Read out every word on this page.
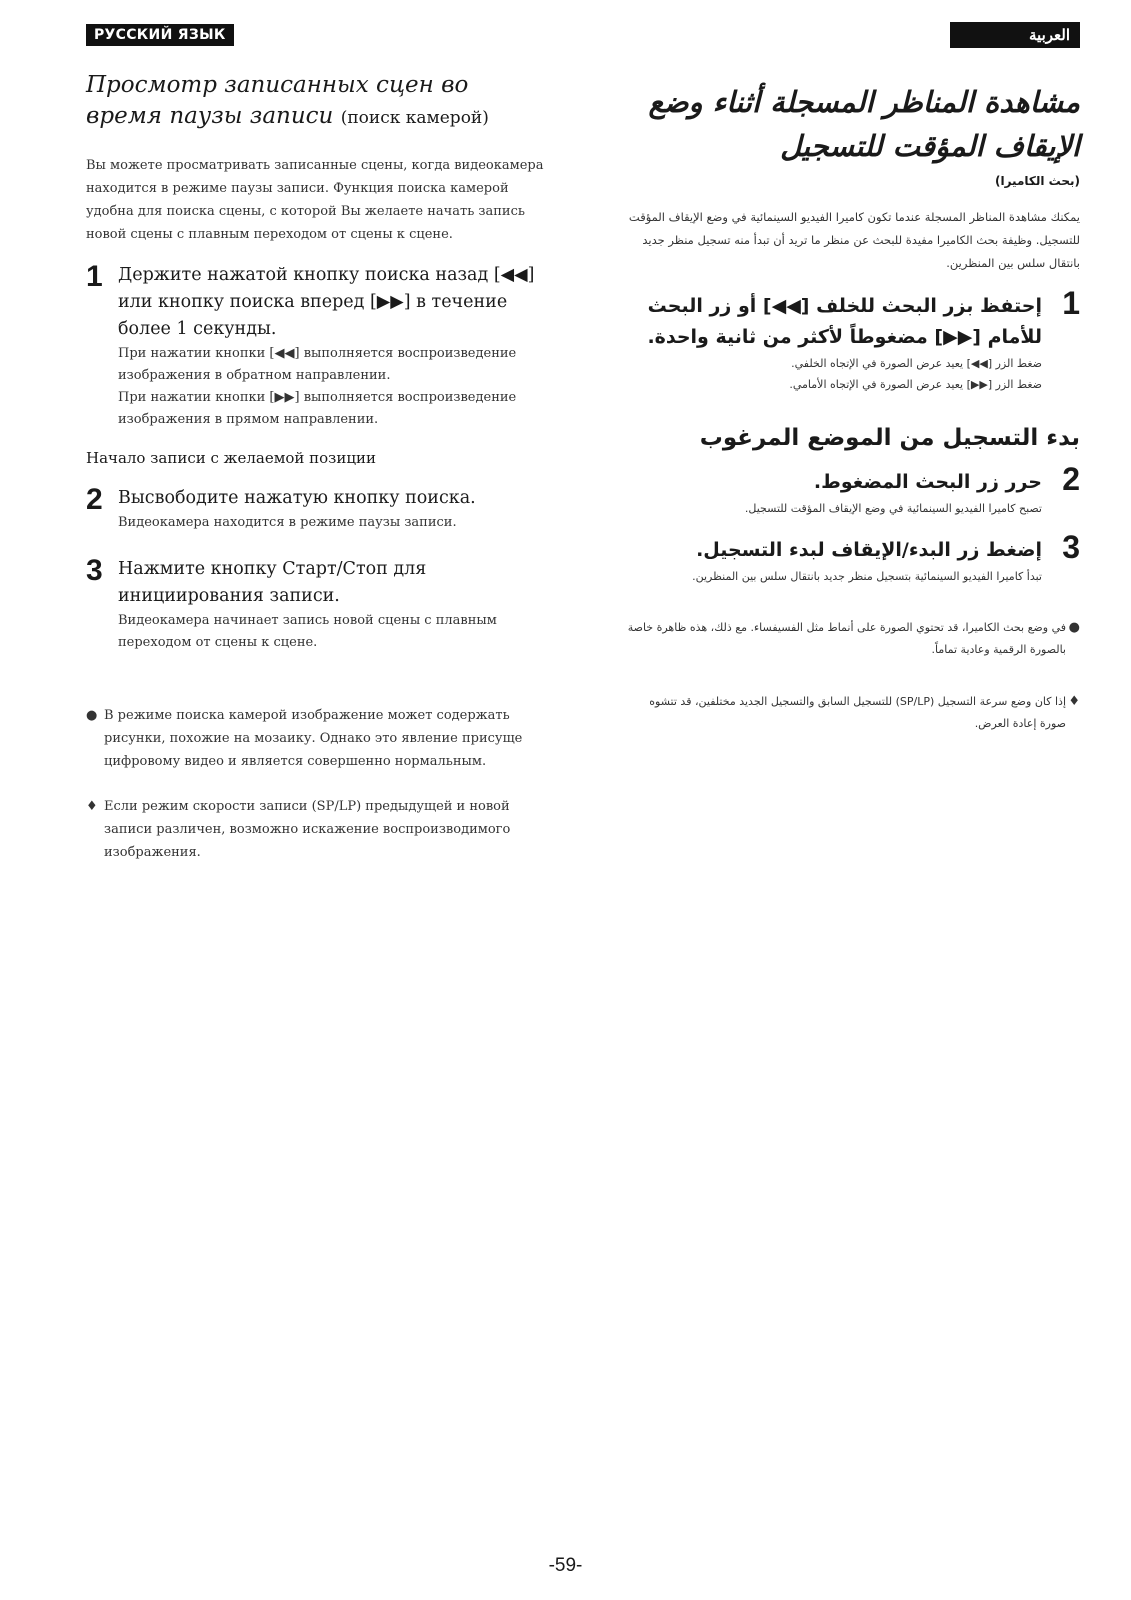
РУССКИЙ ЯЗЫК
Просмотр записанных сцен во время паузы записи (поиск камерой)
Вы можете просматривать записанные сцены, когда видеокамера находится в режиме паузы записи. Функция поиска камерой удобна для поиска сцены, с которой Вы желаете начать запись новой сцены с плавным переходом от сцены к сцене.
1 Держите нажатой кнопку поиска назад [◀◀] или кнопку поиска вперед [▶▶] в течение более 1 секунды.
При нажатии кнопки [◀◀] выполняется воспроизведение изображения в обратном направлении.
При нажатии кнопки [▶▶] выполняется воспроизведение изображения в прямом направлении.
Начало записи с желаемой позиции
2 Высвободите нажатую кнопку поиска.
Видеокамера находится в режиме паузы записи.
3 Нажмите кнопку Старт/Стоп для инициирования записи.
Видеокамера начинает запись новой сцены с плавным переходом от сцены к сцене.
● В режиме поиска камерой изображение может содержать рисунки, похожие на мозаику. Однако это явление присуще цифровому видео и является совершенно нормальным.
♦ Если режим скорости записи (SP/LP) предыдущей и новой записи различен, возможно искажение воспроизводимого изображения.
العربية
مشاهدة المناظر المسجلة أثناء وضع الإيقاف المؤقت للتسجيل
(بحث الكاميرا)
يمكنك مشاهدة المناظر المسجلة عندما تكون كاميرا الفيديو السينمائية في وضع الإيقاف المؤقت للتسجيل. وظيفة بحث الكاميرا مفيدة للبحث عن منظر ما تريد أن تبدأ منه تسجيل منظر جديد بانتقال سلس بين المنظرين.
1
إحتفظ بزر البحث للخلف [◀◀] أو زر البحث للأمام [▶▶] مضغوطاً لأكثر من ثانية واحدة.
ضغط الزر [◀◀] يعيد عرض الصورة في الإتجاه الخلفي.
ضغط الزر [▶▶] يعيد عرض الصورة في الإتجاه الأمامي.
بدء التسجيل من الموضع المرغوب
2
حرر زر البحث المضغوط.
تصبح كاميرا الفيديو السينمائية في وضع الإيقاف المؤقت للتسجيل.
3
إضغط زر البدء/الإيقاف لبدء التسجيل.
تبدأ كاميرا الفيديو السينمائية بتسجيل منظر جديد بانتقال سلس بين المنظرين.
●
في وضع بحث الكاميرا، قد تحتوي الصورة على أنماط مثل الفسيفساء. مع ذلك، هذه ظاهرة خاصة بالصورة الرقمية وعادية تماماً.
♦
إذا كان وضع سرعة التسجيل (SP/LP) للتسجيل السابق والتسجيل الجديد مختلفين، قد تتشوه صورة إعادة العرض.
-59-
